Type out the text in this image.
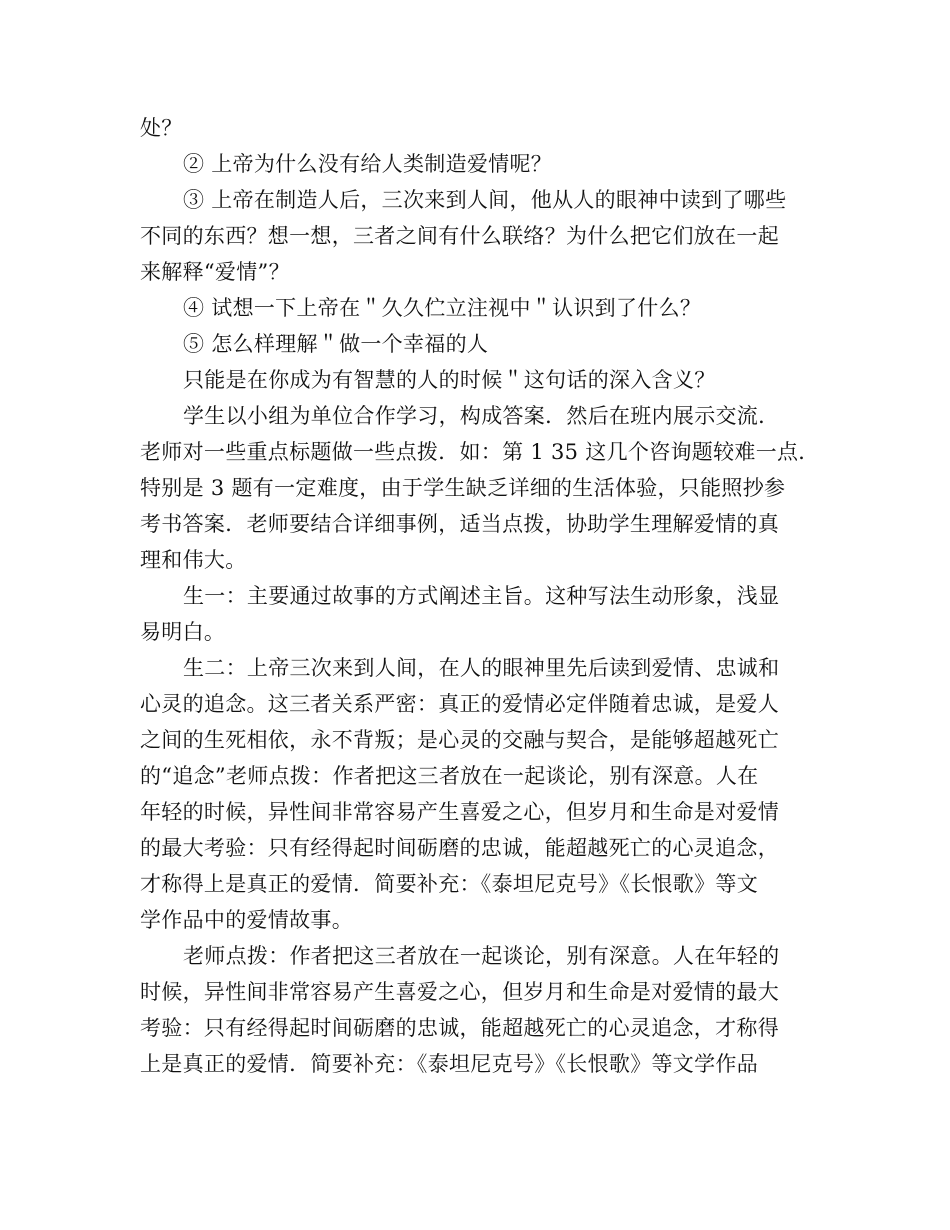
处？
② 上帝为什么没有给人类制造爱情呢？
③ 上帝在制造人后，三次来到人间，他从人的眼神中读到了哪些
不同的东西？想一想，三者之间有什么联络？为什么把它们放在一起
来解释“爱情”？
④ 试想一下上帝在＂久久伫立注视中＂认识到了什么？
⑤ 怎么样理解＂做一个幸福的人
只能是在你成为有智慧的人的时候＂这句话的深入含义？
学生以小组为单位合作学习，构成答案．然后在班内展示交流．
老师对一些重点标题做一些点拨．如：第 1 35 这几个咨询题较难一点．
特别是 3 题有一定难度，由于学生缺乏详细的生活体验，只能照抄参
考书答案．老师要结合详细事例，适当点拨，协助学生理解爱情的真
理和伟大。
生一：主要通过故事的方式阐述主旨。这种写法生动形象，浅显
易明白。
生二：上帝三次来到人间，在人的眼神里先后读到爱情、忠诚和
心灵的追念。这三者关系严密：真正的爱情必定伴随着忠诚，是爱人
之间的生死相依，永不背叛；是心灵的交融与契合，是能够超越死亡
的“追念”老师点拨：作者把这三者放在一起谈论，别有深意。人在
年轻的时候，异性间非常容易产生喜爱之心，但岁月和生命是对爱情
的最大考验：只有经得起时间砺磨的忠诚，能超越死亡的心灵追念，
才称得上是真正的爱情．简要补充：《泰坦尼克号》《长恨歌》等文
学作品中的爱情故事。
老师点拨：作者把这三者放在一起谈论，别有深意。人在年轻的
时候，异性间非常容易产生喜爱之心，但岁月和生命是对爱情的最大
考验：只有经得起时间砺磨的忠诚，能超越死亡的心灵追念，才称得
上是真正的爱情．简要补充：《泰坦尼克号》《长恨歌》等文学作品
